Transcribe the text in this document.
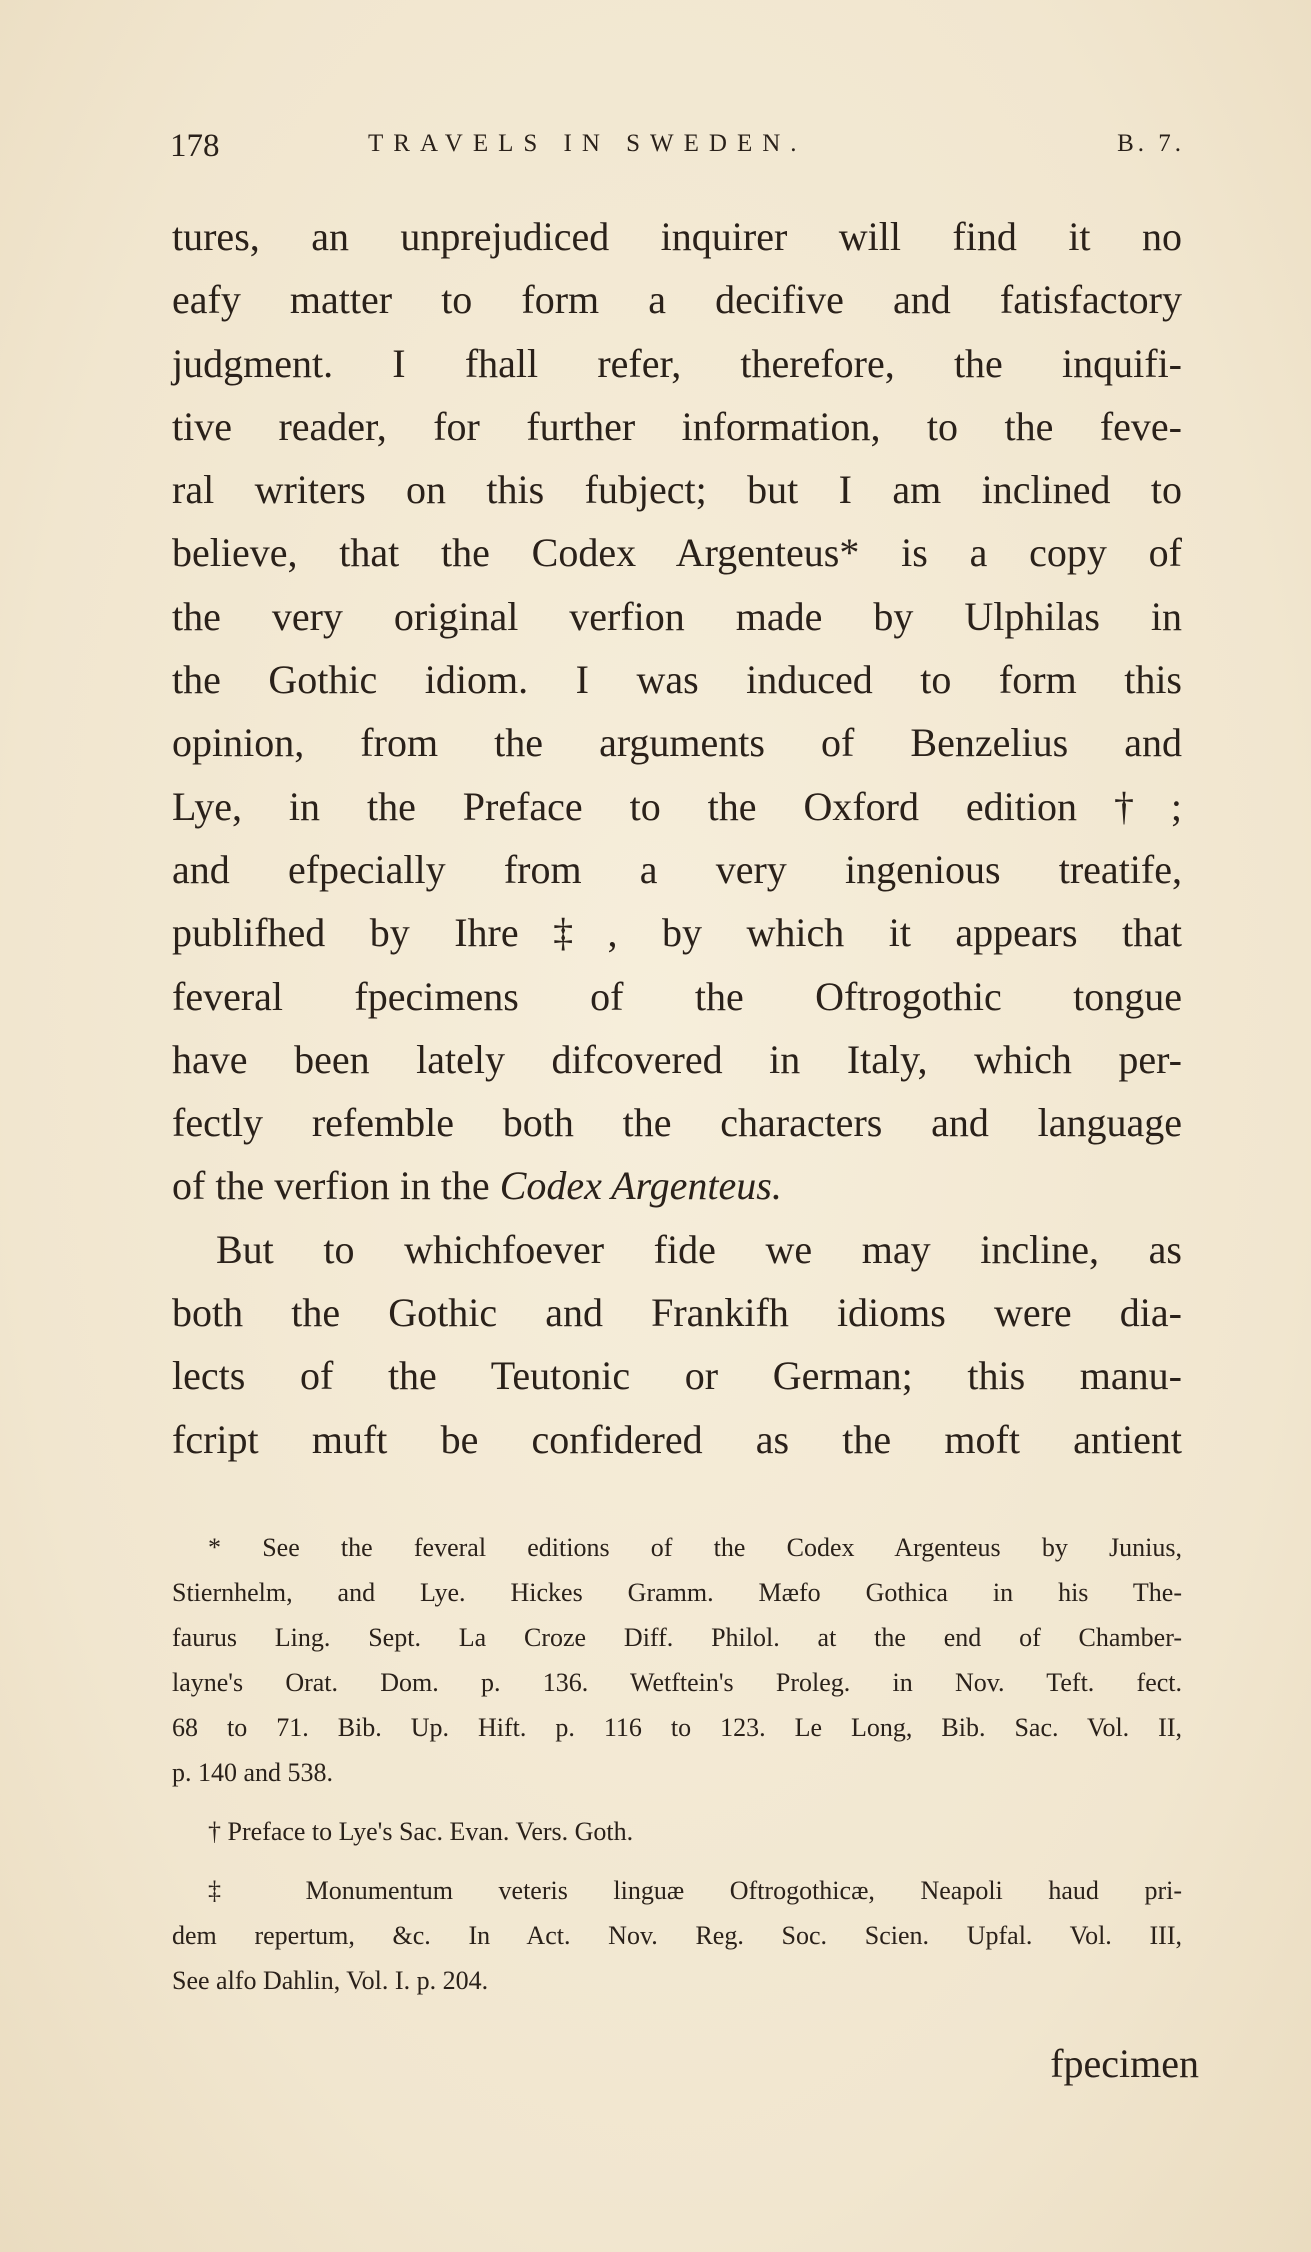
178	TRAVELS IN SWEDEN.	B. 7.
tures, an unprejudiced inquirer will find it no
eafy matter to form a decifive and fatisfactory
judgment. I fhall refer, therefore, the inquifi-
tive reader, for further information, to the feve-
ral writers on this fubject; but I am inclined to
believe, that the Codex Argenteus* is a copy of
the very original verfion made by Ulphilas in
the Gothic idiom. I was induced to form this
opinion, from the arguments of Benzelius and
Lye, in the Preface to the Oxford edition†;
and efpecially from a very ingenious treatife,
publifhed by Ihre‡, by which it appears that
feveral fpecimens of the Oftrogothic tongue
have been lately difcovered in Italy, which per-
fectly refemble both the characters and language
of the verfion in the Codex Argenteus.
But to whichfoever fide we may incline, as
both the Gothic and Frankifh idioms were dia-
lects of the Teutonic or German; this manu-
fcript muft be confidered as the moft antient
* See the feveral editions of the Codex Argenteus by Junius,
Stiernhelm, and Lye. Hickes Gramm. Mæfo Gothica in his The-
faurus Ling. Sept. La Croze Diff. Philol. at the end of Chamber-
layne's Orat. Dom. p. 136. Wetftein's Proleg. in Nov. Teft. fect.
68 to 71. Bib. Up. Hift. p. 116 to 123. Le Long, Bib. Sac. Vol. II,
p. 140 and 538.
† Preface to Lye's Sac. Evan. Vers. Goth.
‡ Monumentum veteris linguæ Oftrogothicæ, Neapoli haud pri-
dem repertum, &c. In Act. Nov. Reg. Soc. Scien. Upfal. Vol. III,
See alfo Dahlin, Vol. I. p. 204.
fpecimen
